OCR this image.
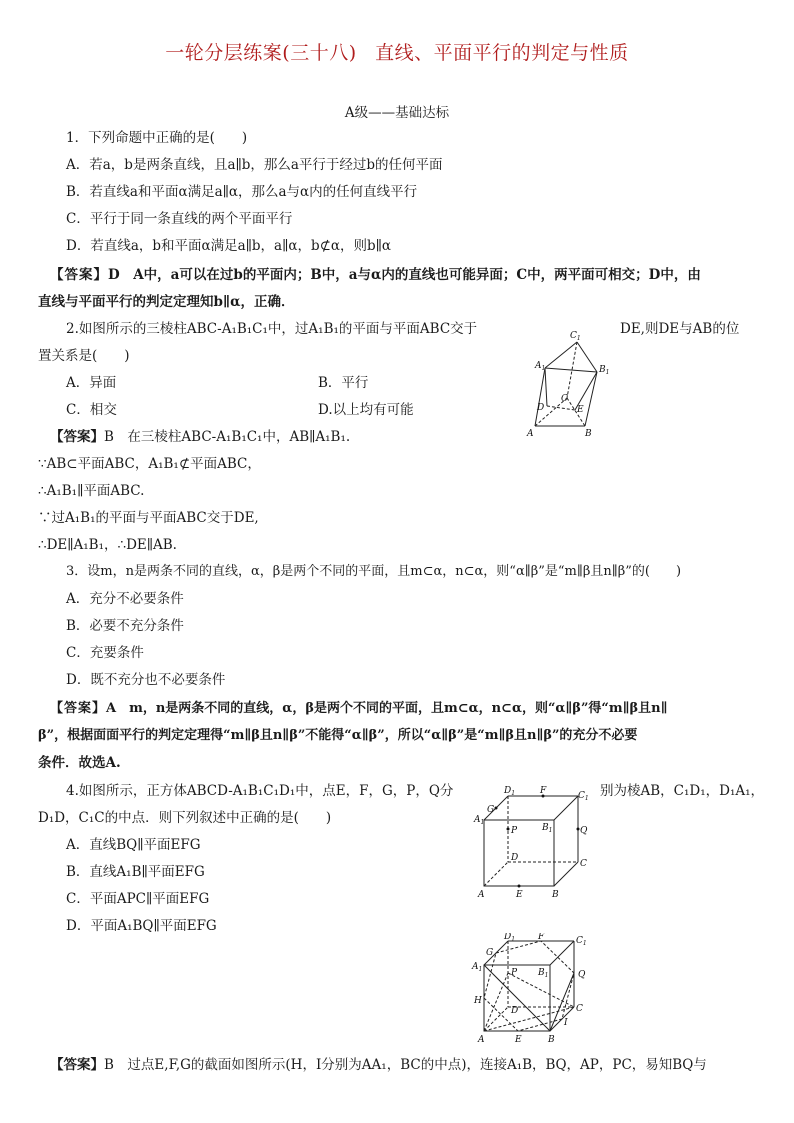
一轮分层练案(三十八) 直线、平面平行的判定与性质
A级——基础达标
1．下列命题中正确的是(　　)
A．若a，b是两条直线，且a∥b，那么a平行于经过b的任何平面
B．若直线a和平面α满足a∥α，那么a与α内的任何直线平行
C．平行于同一条直线的两个平面平行
D．若直线a，b和平面α满足a∥b，a∥α，b⊄α，则b∥α
【答案】D　A中，a可以在过b的平面内；B中，a与α内的直线也可能异面；C中，两平面可相交；D中，由
直线与平面平行的判定定理知b∥α，正确．
2.如图所示的三棱柱ABC-A₁B₁C₁中，过A₁B₁的平面与平面ABC交于	DE,则DE与AB的位
置关系是(　　)
A．异面	B．平行
C．相交	D.以上均有可能
【答案】B　在三棱柱ABC-A₁B₁C₁中，AB∥A₁B₁.
∵AB⊂平面ABC，A₁B₁⊄平面ABC，
∴A₁B₁∥平面ABC.
∵过A₁B₁的平面与平面ABC交于DE,
∴DE∥A₁B₁，∴DE∥AB.
3．设m，n是两条不同的直线，α，β是两个不同的平面，且m⊂α，n⊂α，则“α∥β”是“m∥β且n∥β”的(　　)
A．充分不必要条件
B．必要不充分条件
C．充要条件
D．既不充分也不必要条件
【答案】A　m，n是两条不同的直线，α，β是两个不同的平面，且m⊂α，n⊂α，则“α∥β”得“m∥β且n∥
β”，根据面面平行的判定定理得“m∥β且n∥β”不能得“α∥β”，所以“α∥β”是“m∥β且n∥β”的充分不必要
条件．故选A.
4.如图所示，正方体ABCD-A₁B₁C₁D₁中，点E，F，G，P，Q分	别为棱AB，C₁D₁，D₁A₁，
D₁D，C₁C的中点．则下列叙述中正确的是(　　)
A．直线BQ∥平面EFG
B．直线A₁B∥平面EFG
C．平面APC∥平面EFG
D．平面A₁BQ∥平面EFG
【答案】B　过点E,F,G的截面如图所示(H，I分别为AA₁，BC的中点)，连接A₁B，BQ，AP，PC，易知BQ与
$C_1$
$A_1$	$B_1$
D
C
E
A	B
$D_1$	F	$C_1$
G
$A_1$
$B_1$
P	Q
D
C
A	E	B
$D_1$	F	$C_1$
G
$A_1$	$B_1$
P	Q
H
D	C
I
A	E	B
